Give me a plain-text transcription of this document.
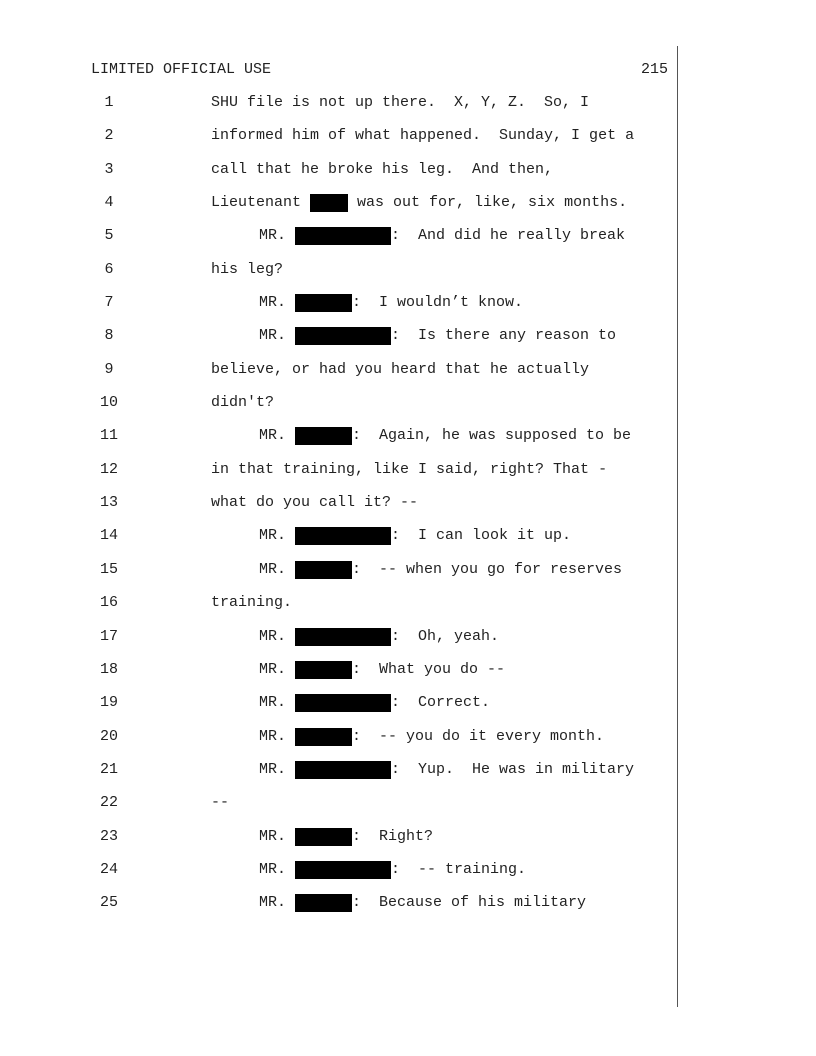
LIMITED OFFICIAL USE	215
1	SHU file is not up there.  X, Y, Z.  So, I
2	informed him of what happened.  Sunday, I get a
3	call that he broke his leg.  And then,
4	Lieutenant	was out for, like, six months.
5	MR.	:  And did he really break
6	his leg?
7	MR.	:  I wouldn’t know.
8	MR.	:  Is there any reason to
9	believe, or had you heard that he actually
10	didn't?
11	MR.	:  Again, he was supposed to be
12	in that training, like I said, right? That -
13	what do you call it? --
14	MR.	:  I can look it up.
15	MR.	:  -- when you go for reserves
16	training.
17	MR.	:  Oh, yeah.
18	MR.	:  What you do --
19	MR.	:  Correct.
20	MR.	:  -- you do it every month.
21	MR.	:  Yup.  He was in military
22	--
23	MR.	:  Right?
24	MR.	:  -- training.
25	MR.	:  Because of his military
